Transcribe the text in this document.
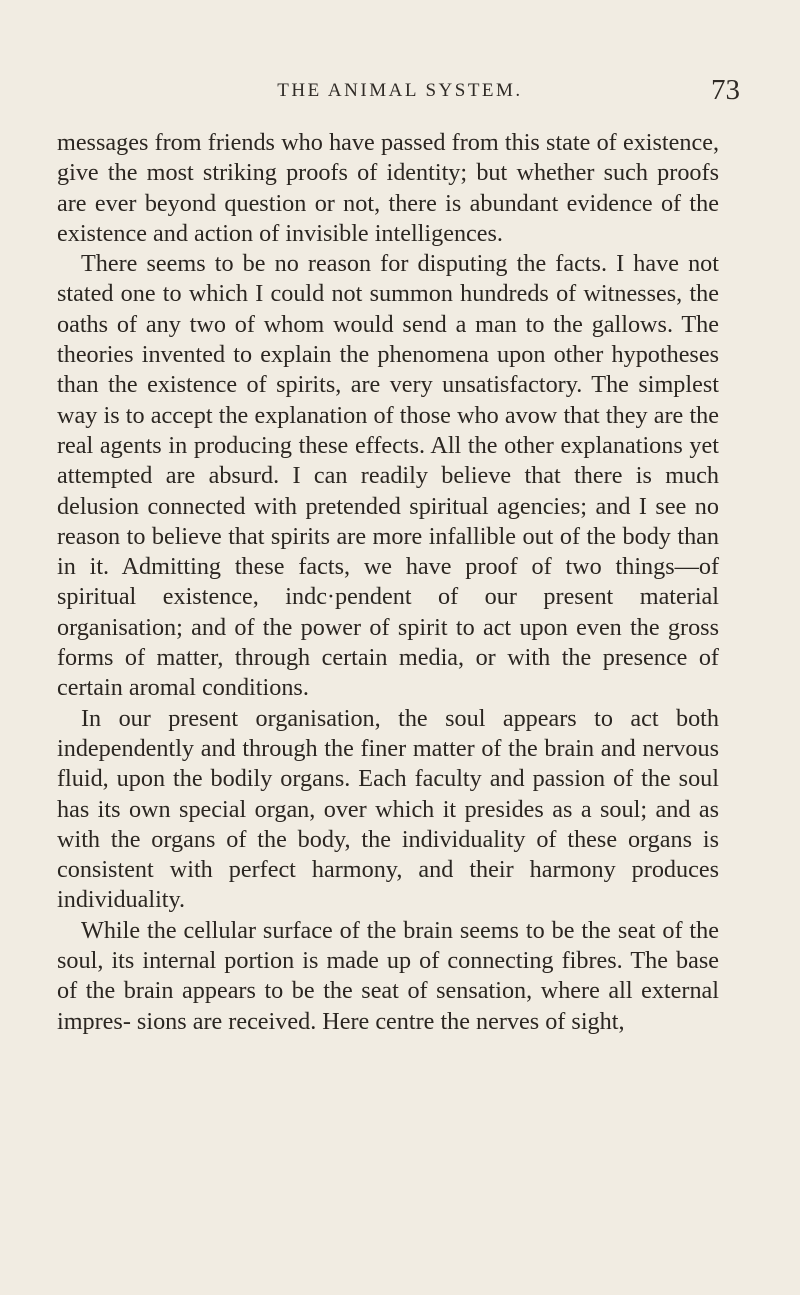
THE ANIMAL SYSTEM.	73

messages from friends who have passed from this state of existence, give the most striking proofs of identity; but whether such proofs are ever beyond question or not, there is abundant evidence of the existence and action of invisible intelligences.

There seems to be no reason for disputing the facts. I have not stated one to which I could not summon hundreds of witnesses, the oaths of any two of whom would send a man to the gallows. The theories invented to explain the phenomena upon other hypotheses than the existence of spirits, are very unsatisfactory. The simplest way is to accept the explanation of those who avow that they are the real agents in producing these effects. All the other explanations yet attempted are absurd. I can readily believe that there is much delusion connected with pretended spiritual agencies; and I see no reason to believe that spirits are more infallible out of the body than in it. Admitting these facts, we have proof of two things—of spiritual existence, indc·pendent of our present material organisation; and of the power of spirit to act upon even the gross forms of matter, through certain media, or with the presence of certain aromal conditions.

In our present organisation, the soul appears to act both independently and through the finer matter of the brain and nervous fluid, upon the bodily organs. Each faculty and passion of the soul has its own special organ, over which it presides as a soul; and as with the organs of the body, the individuality of these organs is consistent with perfect harmony, and their harmony produces individuality.

While the cellular surface of the brain seems to be the seat of the soul, its internal portion is made up of connecting fibres. The base of the brain appears to be the seat of sensation, where all external impres- sions are received. Here centre the nerves of sight,
